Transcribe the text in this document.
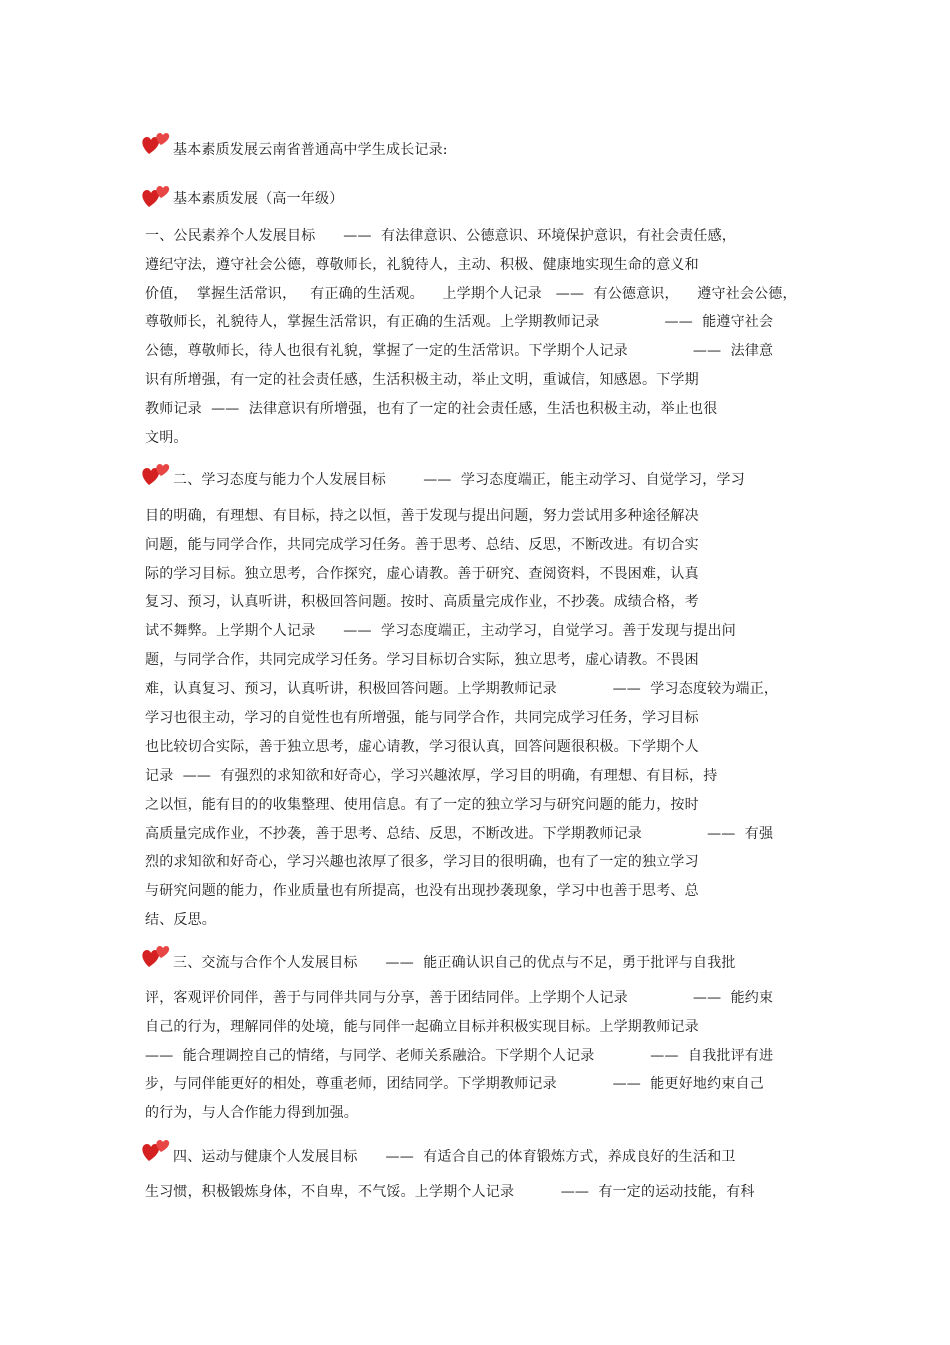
基本素质发展云南省普通高中学生成长记录:
基本素质发展（高一年级）
一、公民素养个人发展目标      ——  有法律意识、公德意识、环境保护意识，有社会责任感，
遵纪守法，遵守社会公德，尊敬师长，礼貌待人，主动、积极、健康地实现生命的意义和
价值，  掌握生活常识，   有正确的生活观。    上学期个人记录   ——  有公德意识，    遵守社会公德，
尊敬师长，礼貌待人，掌握生活常识，有正确的生活观。上学期教师记录              ——  能遵守社会
公德，尊敬师长，待人也很有礼貌，掌握了一定的生活常识。下学期个人记录              ——  法律意
识有所增强，有一定的社会责任感，生活积极主动，举止文明，重诚信，知感恩。下学期
教师记录  ——  法律意识有所增强，也有了一定的社会责任感，生活也积极主动，举止也很
文明。
二、学习态度与能力个人发展目标        ——  学习态度端正，能主动学习、自觉学习，学习
目的明确，有理想、有目标，持之以恒，善于发现与提出问题，努力尝试用多种途径解决
问题，能与同学合作，共同完成学习任务。善于思考、总结、反思，不断改进。有切合实
际的学习目标。独立思考，合作探究，虚心请教。善于研究、查阅资料，不畏困难，认真
复习、预习，认真听讲，积极回答问题。按时、高质量完成作业，不抄袭。成绩合格，考
试不舞弊。上学期个人记录      ——  学习态度端正，主动学习，自觉学习。善于发现与提出问
题，与同学合作，共同完成学习任务。学习目标切合实际，独立思考，虚心请教。不畏困
难，认真复习、预习，认真听讲，积极回答问题。上学期教师记录            ——  学习态度较为端正，
学习也很主动，学习的自觉性也有所增强，能与同学合作，共同完成学习任务，学习目标
也比较切合实际，善于独立思考，虚心请教，学习很认真，回答问题很积极。下学期个人
记录  ——  有强烈的求知欲和好奇心，学习兴趣浓厚，学习目的明确，有理想、有目标，持
之以恒，能有目的的收集整理、使用信息。有了一定的独立学习与研究问题的能力，按时
高质量完成作业，不抄袭，善于思考、总结、反思，不断改进。下学期教师记录              ——  有强
烈的求知欲和好奇心，学习兴趣也浓厚了很多，学习目的很明确，也有了一定的独立学习
与研究问题的能力，作业质量也有所提高，也没有出现抄袭现象，学习中也善于思考、总
结、反思。
三、交流与合作个人发展目标      ——  能正确认识自己的优点与不足，勇于批评与自我批
评，客观评价同伴，善于与同伴共同与分享，善于团结同伴。上学期个人记录              ——  能约束
自己的行为，理解同伴的处境，能与同伴一起确立目标并积极实现目标。上学期教师记录
——  能合理调控自己的情绪，与同学、老师关系融洽。下学期个人记录            ——  自我批评有进
步，与同伴能更好的相处，尊重老师，团结同学。下学期教师记录            ——  能更好地约束自己
的行为，与人合作能力得到加强。
四、运动与健康个人发展目标      ——  有适合自己的体育锻炼方式，养成良好的生活和卫
生习惯，积极锻炼身体，不自卑，不气馁。上学期个人记录          ——  有一定的运动技能，有科
